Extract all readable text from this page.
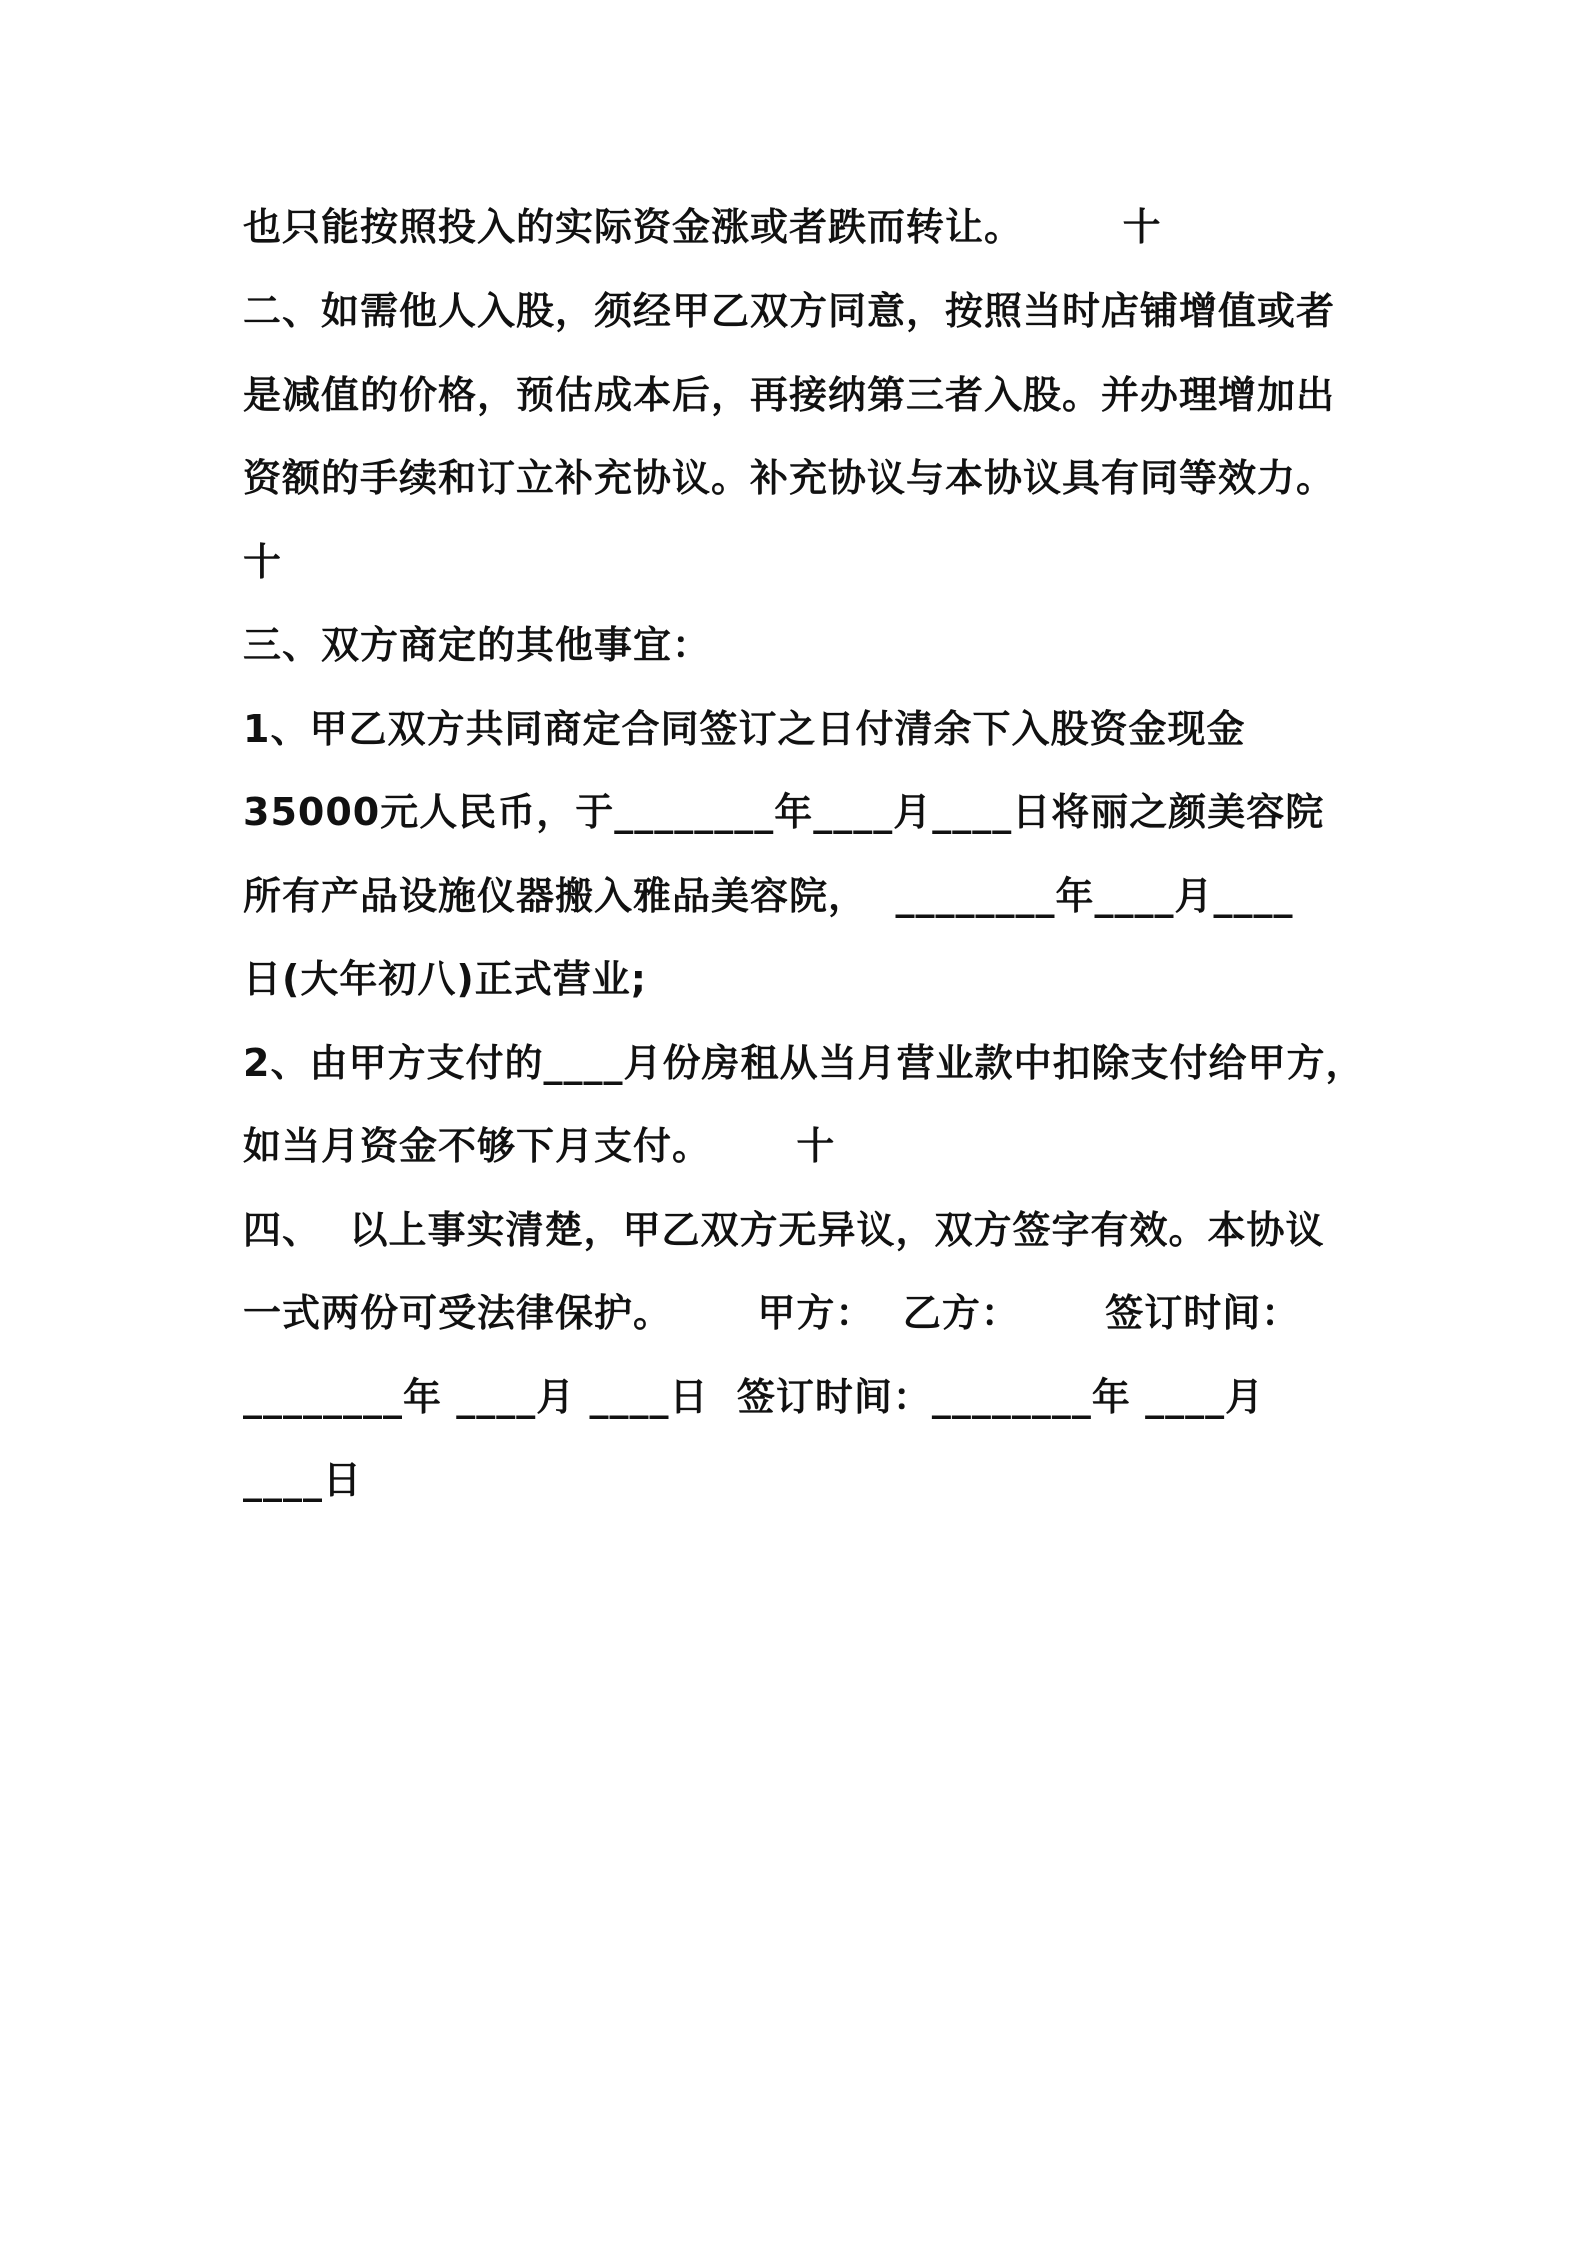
也只能按照投入的实际资金涨或者跌而转让。       十
二、如需他人入股，须经甲乙双方同意，按照当时店铺增值或者
是减值的价格，预估成本后，再接纳第三者入股。并办理增加出
资额的手续和订立补充协议。补充协议与本协议具有同等效力。
十
三、双方商定的其他事宜：
1、甲乙双方共同商定合同签订之日付清余下入股资金现金
35000元人民币，于________年____月____日将丽之颜美容院
所有产品设施仪器搬入雅品美容院，  ________年____月____
日(大年初八)正式营业;
2、由甲方支付的____月份房租从当月营业款中扣除支付给甲方，
如当月资金不够下月支付。      十
四、  以上事实清楚，甲乙双方无异议，双方签字有效。本协议
一式两份可受法律保护。      甲方：  乙方：      签订时间：
________年 ____月 ____日  签订时间：________年 ____月
____日
